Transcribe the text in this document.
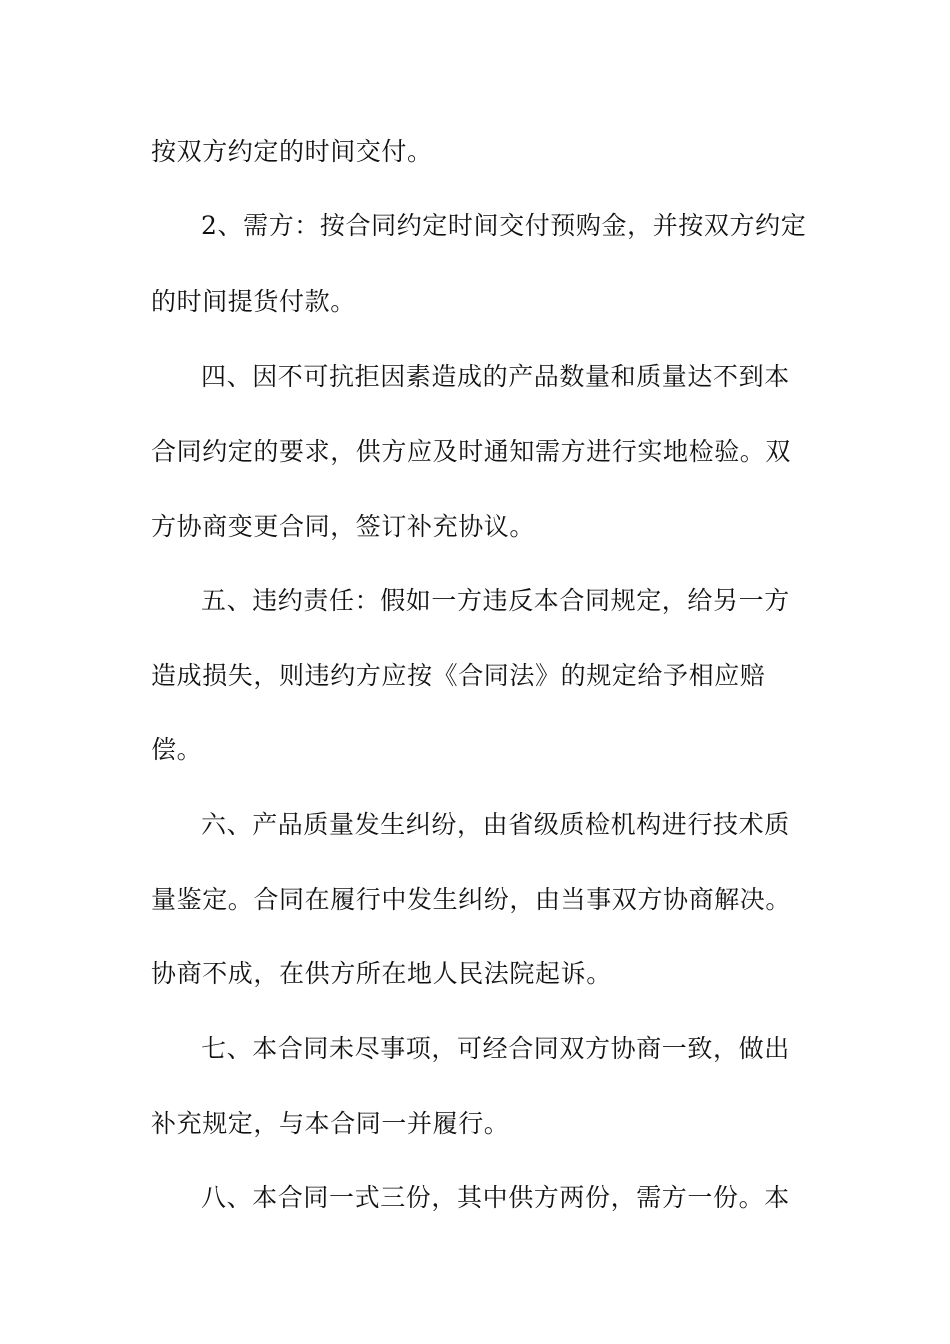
按双方约定的时间交付。
2、需方：按合同约定时间交付预购金，并按双方约定
的时间提货付款。
四、因不可抗拒因素造成的产品数量和质量达不到本
合同约定的要求，供方应及时通知需方进行实地检验。双
方协商变更合同，签订补充协议。
五、违约责任：假如一方违反本合同规定，给另一方
造成损失，则违约方应按《合同法》的规定给予相应赔
偿。
六、产品质量发生纠纷，由省级质检机构进行技术质
量鉴定。合同在履行中发生纠纷，由当事双方协商解决。
协商不成，在供方所在地人民法院起诉。
七、本合同未尽事项，可经合同双方协商一致，做出
补充规定，与本合同一并履行。
八、本合同一式三份，其中供方两份，需方一份。本
